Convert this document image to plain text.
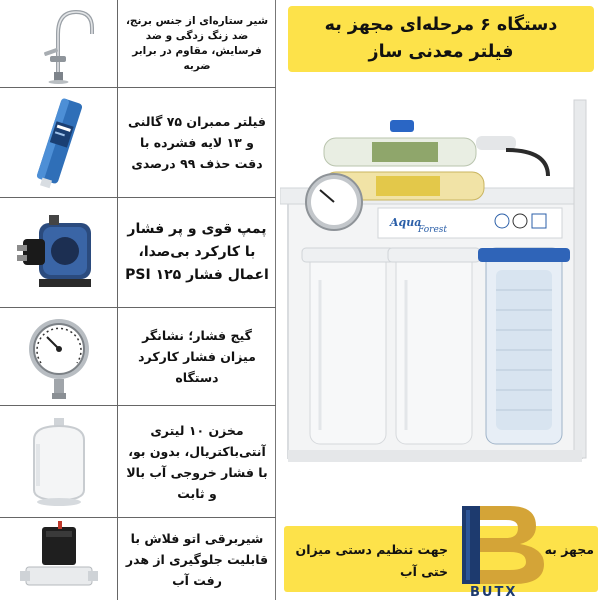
شیر ستاره‌ای از جنس برنج، ضد زنگ زدگی و ضد فرسایش، مقاوم در برابر ضربه
فیلتر ممبران ۷۵ گالنی و ۱۳ لایه فشرده با دقت حذف ۹۹ درصدی
پمپ قوی و پر فشار با کارکرد بی‌صدا، اعمال فشار ۱۲۵ PSI
گیج فشار؛ نشانگر میزان فشار کارکرد دستگاه
مخزن ۱۰ لیتری آنتی‌باکتریال، بدون بو، با فشار خروجی آب بالا و ثابت
شیربرقی اتو فلاش با قابلیت جلوگیری از هدر رفت آب
دستگاه ۶ مرحله‌ای مجهز به
فیلتر معدنی ساز
Aqua
Forest
مجهز به
جهت تنظیم دستی میزان
ختی آب
BUTX
